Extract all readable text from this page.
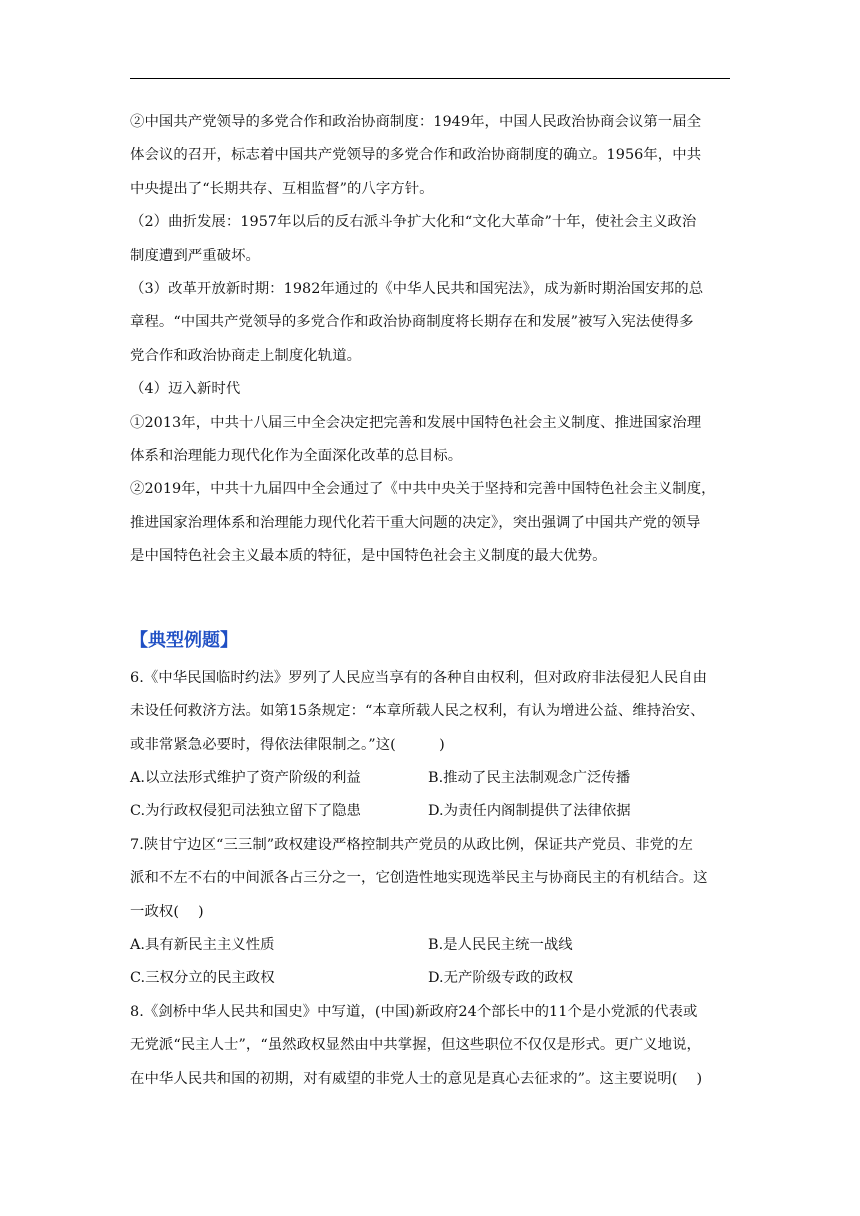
②中国共产党领导的多党合作和政治协商制度：1949年，中国人民政治协商会议第一届全

体会议的召开，标志着中国共产党领导的多党合作和政治协商制度的确立。1956年，中共

中央提出了“长期共存、互相监督”的八字方针。

（2）曲折发展：1957年以后的反右派斗争扩大化和“文化大革命”十年，使社会主义政治

制度遭到严重破坏。

（3）改革开放新时期：1982年通过的《中华人民共和国宪法》，成为新时期治国安邦的总

章程。“中国共产党领导的多党合作和政治协商制度将长期存在和发展”被写入宪法使得多

党合作和政治协商走上制度化轨道。

（4）迈入新时代

①2013年，中共十八届三中全会决定把完善和发展中国特色社会主义制度、推进国家治理

体系和治理能力现代化作为全面深化改革的总目标。

②2019年，中共十九届四中全会通过了《中共中央关于坚持和完善中国特色社会主义制度，

推进国家治理体系和治理能力现代化若干重大问题的决定》，突出强调了中国共产党的领导

是中国特色社会主义最本质的特征，是中国特色社会主义制度的最大优势。

【典型例题】

6.《中华民国临时约法》罗列了人民应当享有的各种自由权利，但对政府非法侵犯人民自由

未设任何救济方法。如第15条规定：“本章所载人民之权利，有认为增进公益、维持治安、

或非常紧急必要时，得依法律限制之。”这(　　　)

A.以立法形式维护了资产阶级的利益	B.推动了民主法制观念广泛传播
C.为行政权侵犯司法独立留下了隐患	D.为责任内阁制提供了法律依据

7.陕甘宁边区“三三制”政权建设严格控制共产党员的从政比例，保证共产党员、非党的左

派和不左不右的中间派各占三分之一，它创造性地实现选举民主与协商民主的有机结合。这

一政权(　 )

A.具有新民主主义性质	B.是人民民主统一战线
C.三权分立的民主政权	D.无产阶级专政的政权

8.《剑桥中华人民共和国史》中写道，(中国)新政府24个部长中的11个是小党派的代表或

无党派“民主人士”，“虽然政权显然由中共掌握，但这些职位不仅仅是形式。更广义地说，

在中华人民共和国的初期，对有威望的非党人士的意见是真心去征求的”。这主要说明(　 )
